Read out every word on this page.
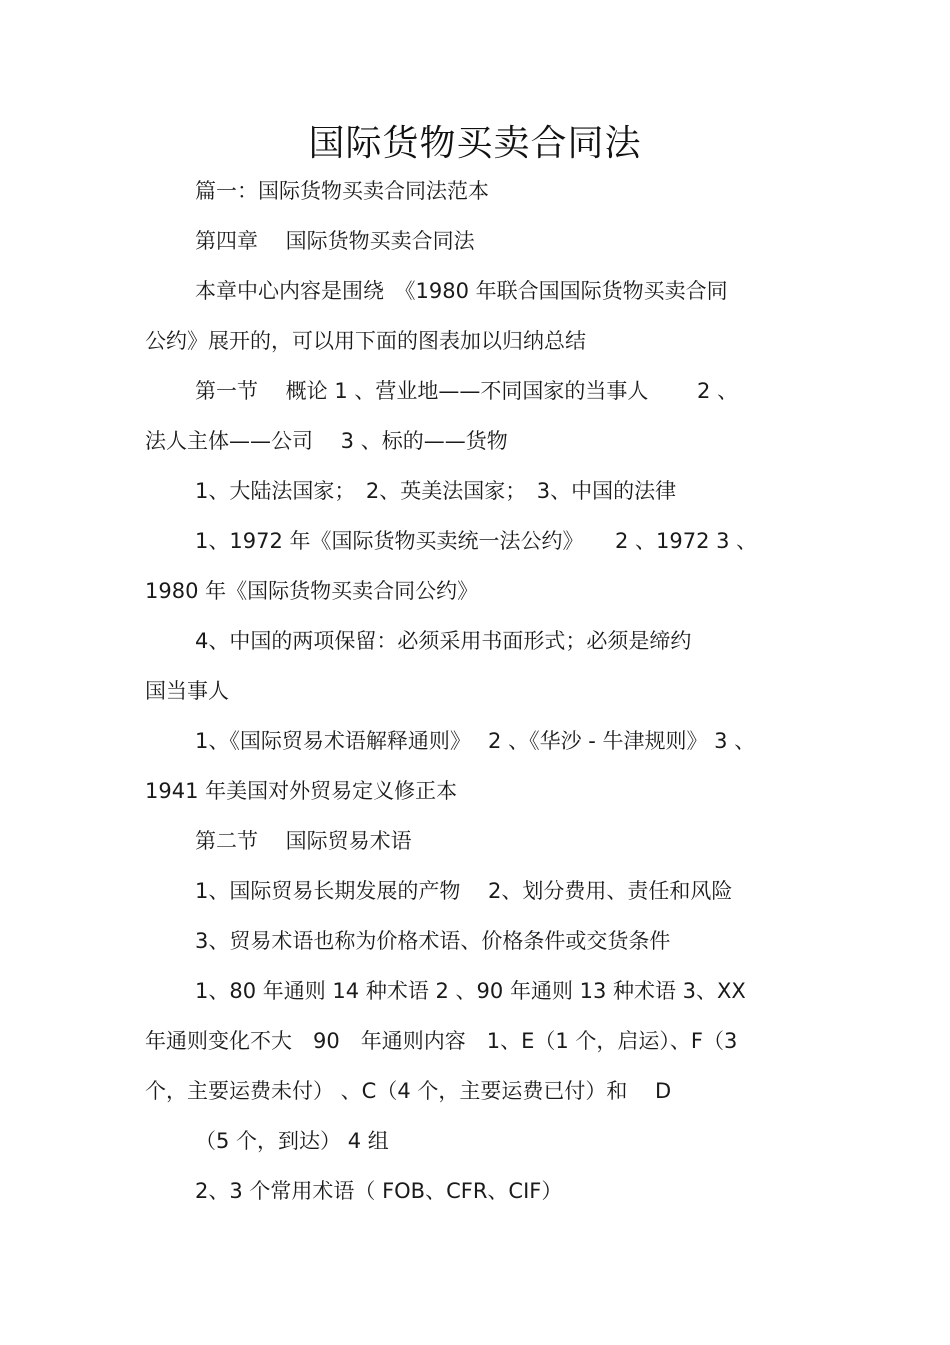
国际货物买卖合同法
篇一：国际货物买卖合同法范本
第四章　 国际货物买卖合同法
本章中心内容是围绕　《1980 年联合国国际货物买卖合同
公约》展开的，可以用下面的图表加以归纳总结
第一节　 概论 1 、营业地——不同国家的当事人　　 2 、
法人主体——公司　 3 、标的——货物
1、大陆法国家；　2、英美法国家；　3、中国的法律
1、1972 年《国际货物买卖统一法公约》　　2 、1972 3 、
1980 年《国际货物买卖合同公约》
4、中国的两项保留：必须采用书面形式；必须是缔约
国当事人
1、《国际贸易术语解释通则》　 2 、《华沙 - 牛津规则》 3 、
1941 年美国对外贸易定义修正本
第二节　 国际贸易术语
1、国际贸易长期发展的产物　 2、划分费用、责任和风险
3、贸易术语也称为价格术语、价格条件或交货条件
1、80 年通则 14 种术语 2 、90 年通则 13 种术语 3、XX
年通则变化不大　90　年通则内容　1、E（1 个，启运）、F（3
个，主要运费未付） 、C（4 个，主要运费已付）和　 D
（5 个，到达） 4 组
2、3 个常用术语（ FOB、CFR、CIF）
